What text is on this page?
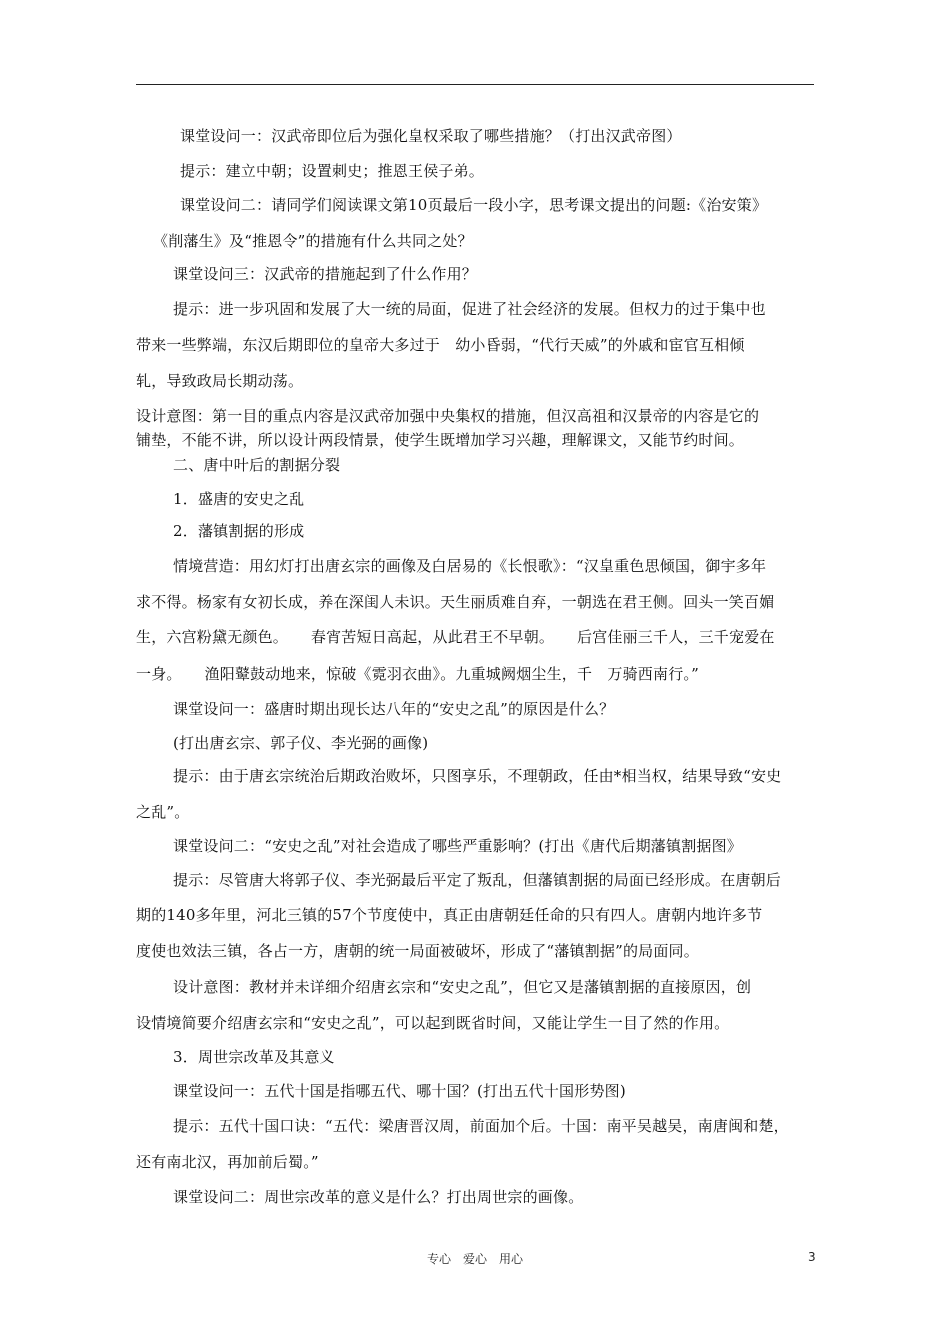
课堂设问一：汉武帝即位后为强化皇权采取了哪些措施？（打出汉武帝图）
提示：建立中朝；设置刺史；推恩王侯子弟。
课堂设问二：请同学们阅读课文第10页最后一段小字，思考课文提出的问题:《治安策》
《削藩生》及“推恩令”的措施有什么共同之处？
课堂设问三：汉武帝的措施起到了什么作用？
提示：进一步巩固和发展了大一统的局面，促进了社会经济的发展。但权力的过于集中也
带来一些弊端，东汉后期即位的皇帝大多过于　幼小昏弱，“代行天威”的外戚和宦官互相倾
轧，导致政局长期动荡。
设计意图：第一目的重点内容是汉武帝加强中央集权的措施，但汉高祖和汉景帝的内容是它的
铺垫，不能不讲，所以设计两段情景，使学生既增加学习兴趣，理解课文，又能节约时间。
二、唐中叶后的割据分裂
1．盛唐的安史之乱
2．藩镇割据的形成
情境营造：用幻灯打出唐玄宗的画像及白居易的《长恨歌》：“汉皇重色思倾国，御宇多年
求不得。杨家有女初长成，养在深闺人未识。天生丽质难自弃，一朝选在君王侧。回头一笑百媚
生，六宫粉黛无颜色。　　春宵苦短日高起，从此君王不早朝。　　后宫佳丽三千人，三千宠爱在
一身。　　渔阳鼙鼓动地来，惊破《霓羽衣曲》。九重城阙烟尘生，千　万骑西南行。”
课堂设问一：盛唐时期出现长达八年的“安史之乱”的原因是什么？
(打出唐玄宗、郭子仪、李光弼的画像)
提示：由于唐玄宗统治后期政治败坏，只图享乐，不理朝政，任由*相当权，结果导致“安史
之乱”。
课堂设问二：“安史之乱”对社会造成了哪些严重影响？(打出《唐代后期藩镇割据图》
提示：尽管唐大将郭子仪、李光弼最后平定了叛乱，但藩镇割据的局面已经形成。在唐朝后
期的140多年里，河北三镇的57个节度使中，真正由唐朝廷任命的只有四人。唐朝内地许多节
度使也效法三镇，各占一方，唐朝的统一局面被破坏，形成了“藩镇割据”的局面同。
设计意图：教材并未详细介绍唐玄宗和“安史之乱”，但它又是藩镇割据的直接原因，创
设情境简要介绍唐玄宗和“安史之乱”，可以起到既省时间，又能让学生一目了然的作用。
3．周世宗改革及其意义
课堂设问一：五代十国是指哪五代、哪十国？(打出五代十国形势图)
提示：五代十国口诀：“五代：梁唐晋汉周，前面加个后。十国：南平吴越吴，南唐闽和楚，
还有南北汉，再加前后蜀。”
课堂设问二：周世宗改革的意义是什么？打出周世宗的画像。
专心　爱心　用心	3
